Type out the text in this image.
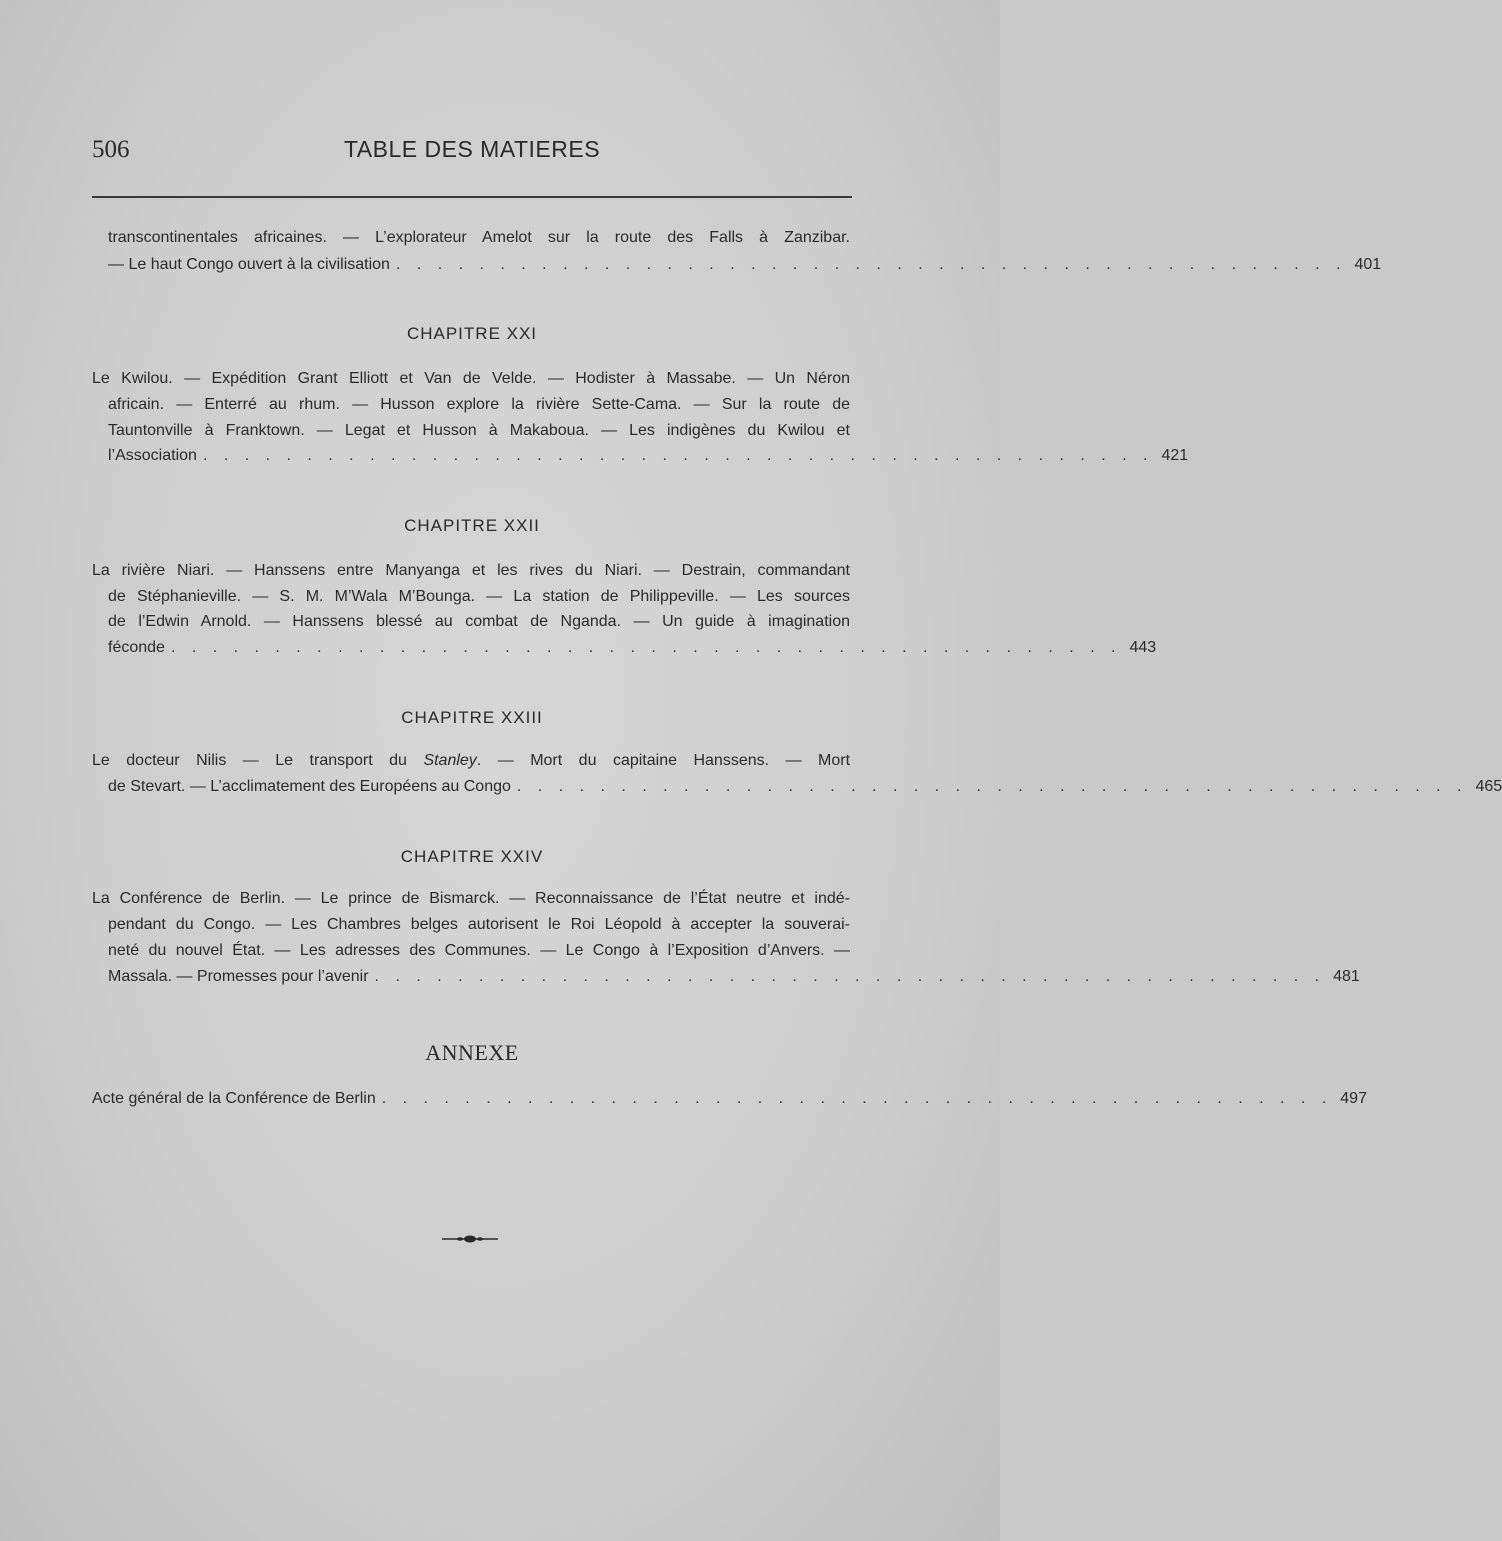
506	TABLE DES MATIERES
transcontinentales africaines. — L’explorateur Amelot sur la route des Falls à Zanzibar.
— Le haut Congo ouvert à la civilisation . . . . . . . . . . . . . . . . . . . . . . . . . . . . . . . . . . . . . . . . . . . . . . 401
CHAPITRE XXI
Le Kwilou. — Expédition Grant Elliott et Van de Velde. — Hodister à Massabe. — Un Néron
africain. — Enterré au rhum. — Husson explore la rivière Sette-Cama. — Sur la route de
Tauntonville à Franktown. — Legat et Husson à Makaboua. — Les indigènes du Kwilou et
l’Association . . . . . . . . . . . . . . . . . . . . . . . . . . . . . . . . . . . . . . . . . . . . . . 421
CHAPITRE XXII
La rivière Niari. — Hanssens entre Manyanga et les rives du Niari. — Destrain, commandant
de Stéphanieville. — S. M. M’Wala M’Bounga. — La station de Philippeville. — Les sources
de l’Edwin Arnold. — Hanssens blessé au combat de Nganda. — Un guide à imagination
féconde . . . . . . . . . . . . . . . . . . . . . . . . . . . . . . . . . . . . . . . . . . . . . . 443
CHAPITRE XXIII
Le docteur Nilis — Le transport du Stanley. — Mort du capitaine Hanssens. — Mort
de Stevart. — L’acclimatement des Européens au Congo . . . . . . . . . . . . . . . . . . . . . . . . . . . . . . . . . . . . . . . . . . . . . . 465
CHAPITRE XXIV
La Conférence de Berlin. — Le prince de Bismarck. — Reconnaissance de l’État neutre et indé-
pendant du Congo. — Les Chambres belges autorisent le Roi Léopold à accepter la souverai-
neté du nouvel État. — Les adresses des Communes. — Le Congo à l’Exposition d’Anvers. —
Massala. — Promesses pour l’avenir . . . . . . . . . . . . . . . . . . . . . . . . . . . . . . . . . . . . . . . . . . . . . . 481
ANNEXE
Acte général de la Conférence de Berlin . . . . . . . . . . . . . . . . . . . . . . . . . . . . . . . . . . . . . . . . . . . . . . 497
